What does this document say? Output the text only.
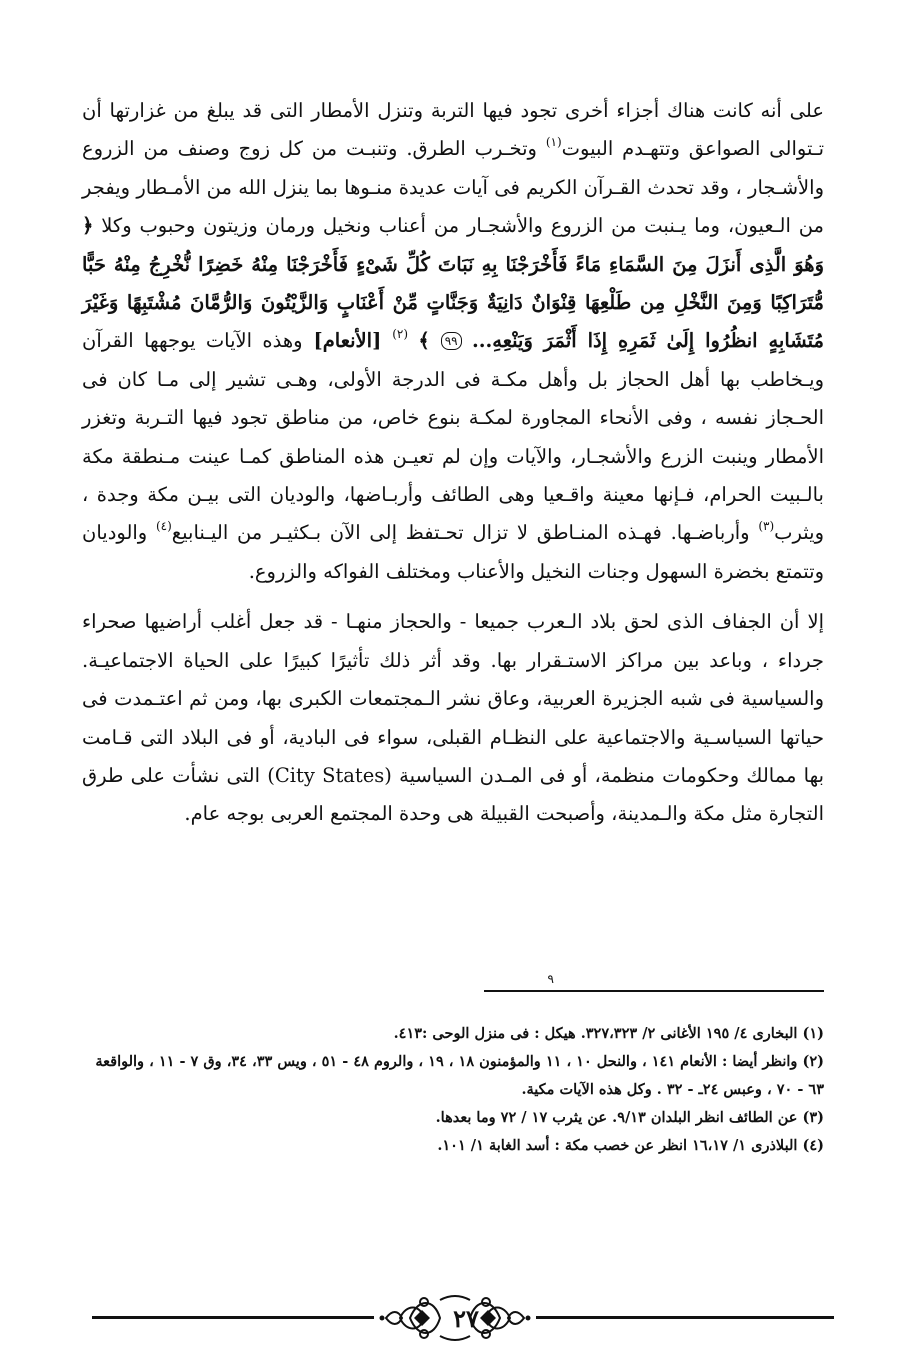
على أنه كانت هناك أجزاء أخرى تجود فيها التربة وتنزل الأمطار التى قد يبلغ من غزارتها أن تـتوالى الصواعق وتتهـدم البيوت$^{(١)}$ وتخـرب الطرق. وتنبـت من كل زوج وصنف من الزروع والأشـجار ، وقد تحدث القـرآن الكريم فى آيات عديدة منـوها بما ينزل الله من الأمـطار ويفجر من الـعيون، وما يـنبت من الزروع والأشجـار من أعناب ونخيل ورمان وزيتون وحبوب وكلا ﴿ وَهُوَ الَّذِى أَنزَلَ مِنَ السَّمَاءِ مَاءً فَأَخْرَجْنَا بِهِ نَبَاتَ كُلِّ شَىْءٍ فَأَخْرَجْنَا مِنْهُ خَضِرًا نُّخْرِجُ مِنْهُ حَبًّا مُّتَرَاكِبًا وَمِنَ النَّخْلِ مِن طَلْعِهَا قِنْوَانٌ دَانِيَةٌ وَجَنَّاتٍ مِّنْ أَعْنَابٍ وَالزَّيْتُونَ وَالرُّمَّانَ مُشْتَبِهًا وَغَيْرَ مُتَشَابِهٍ انظُرُوا إِلَىٰ ثَمَرِهِ إِذَا أَثْمَرَ وَيَنْعِهِ... ٩٩ ﴾ $^{(٢)}$ [الأنعام] وهذه الآيات يوجهها القرآن ويـخاطب بها أهل الحجاز بل وأهل مكـة فى الدرجة الأولى، وهـى تشير إلى مـا كان فى الحـجاز نفسه ، وفى الأنحاء المجاورة لمكـة بنوع خاص، من مناطق تجود فيها التـربة وتغزر الأمطار وينبت الزرع والأشجـار، والآيات وإن لم تعيـن هذه المناطق كمـا عينت مـنطقة مكة بالـبيت الحرام، فـإنها معينة واقـعيا وهى الطائف وأربـاضها، والوديان التى بيـن مكة وجدة ، ويثرب$^{(٣)}$ وأرباضـها. فهـذه المنـاطق لا تزال تحـتفظ إلى الآن بـكثيـر من اليـنابيع$^{(٤)}$ والوديان وتتمتع بخضرة السهول وجنات النخيل والأعناب ومختلف الفواكه والزروع.

إلا أن الجفاف الذى لحق بلاد الـعرب جميعا - والحجاز منهـا - قد جعل أغلب أراضيها صحراء جرداء ، وباعد بين مراكز الاستـقرار بها. وقد أثر ذلك تأثيرًا كبيرًا على الحياة الاجتماعيـة. والسياسية فى شبه الجزيرة العربية، وعاق نشر الـمجتمعات الكبرى بها، ومن ثم اعتـمدت فى حياتها السياسـية والاجتماعية على النظـام القبلى، سواء فى البادية، أو فى البلاد التى قـامت بها ممالك وحكومات منظمة، أو فى المـدن السياسية (City States) التى نشأت على طرق التجارة مثل مكة والـمدينة، وأصبحت القبيلة هى وحدة المجتمع العربى بوجه عام.

٩

(١) البخارى ٤/ ١٩٥ الأغانى ٢/ ٣٢٧،٣٢٣. هيكل : فى منزل الوحى :٤١٣.

(٢) وانظر أيضا : الأنعام ١٤١ ، والنحل ١٠ ، ١١ والمؤمنون ١٨ ، ١٩ ، والروم ٤٨ - ٥١ ، ويس ٣٣، ٣٤، وق ٧ - ١١ ، والواقعة ٦٣ - ٧٠ ، وعبس ٢٤ـ - ٣٢ . وكل هذه الآيات مكية.

(٣) عن الطائف انظر البلدان ٩/١٣. عن يثرب ١٧ / ٧٢ وما بعدها.

(٤) البلاذرى ١/ ١٦،١٧ انظر عن خصب مكة : أسد الغابة ١/ ١٠١.

٢٧
